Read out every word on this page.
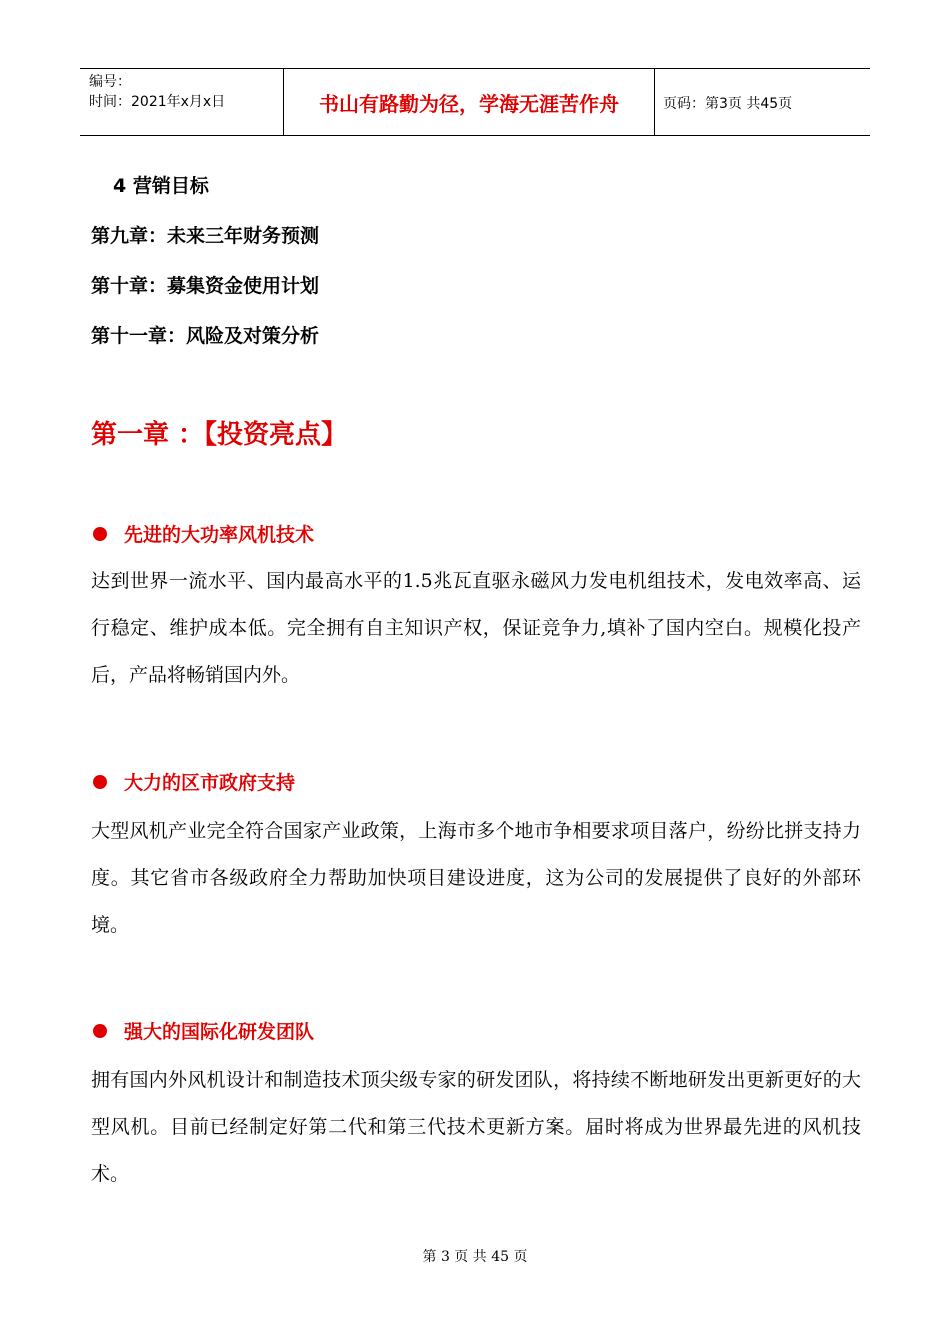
编号：
时间：2021年x月x日	书山有路勤为径，学海无涯苦作舟	页码：第3页 共45页
4 营销目标
第九章：未来三年财务预测
第十章：募集资金使用计划
第十一章：风险及对策分析
第一章 ：【投资亮点】
先进的大功率风机技术
达到世界一流水平、国内最高水平的1.5兆瓦直驱永磁风力发电机组技术，发电效率高、运行稳定、维护成本低。完全拥有自主知识产权，保证竞争力,填补了国内空白。规模化投产后，产品将畅销国内外。
大力的区市政府支持
大型风机产业完全符合国家产业政策，上海市多个地市争相要求项目落户，纷纷比拼支持力度。其它省市各级政府全力帮助加快项目建设进度，这为公司的发展提供了良好的外部环境。
强大的国际化研发团队
拥有国内外风机设计和制造技术顶尖级专家的研发团队，将持续不断地研发出更新更好的大型风机。目前已经制定好第二代和第三代技术更新方案。届时将成为世界最先进的风机技术。
第 3 页 共 45 页
